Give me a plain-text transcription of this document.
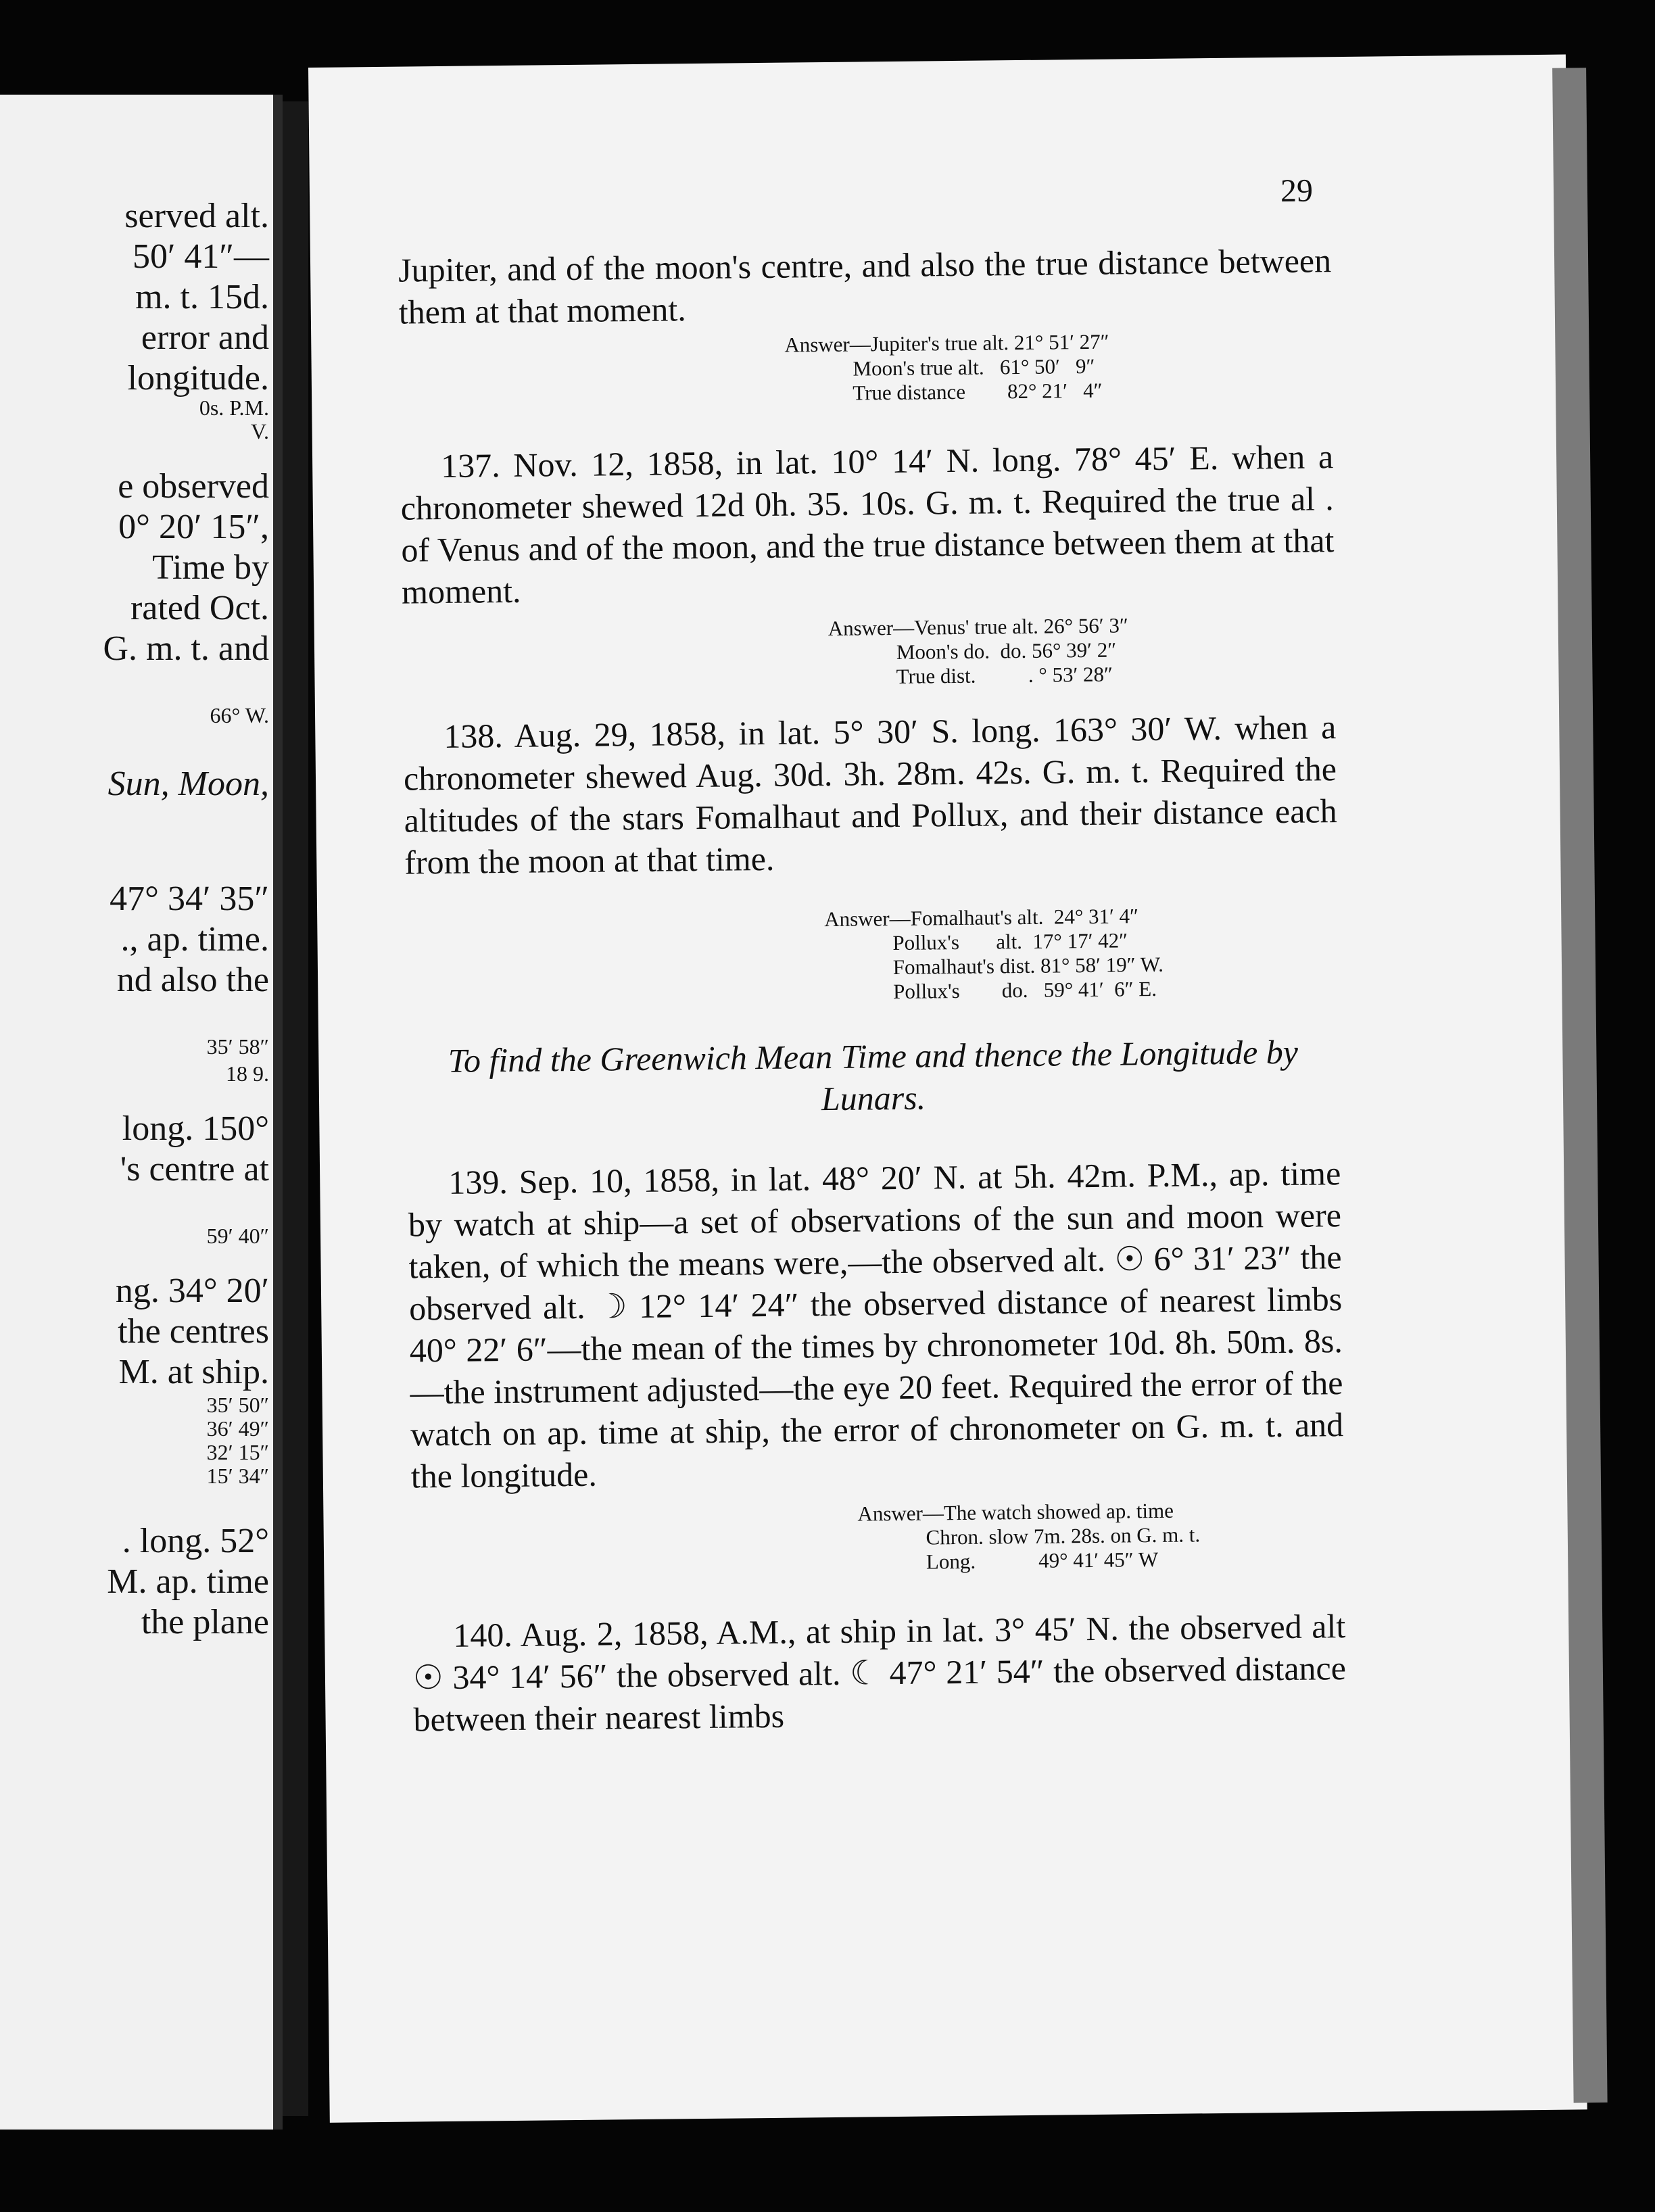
served alt.
50′ 41″—
m. t. 15d.
error and
longitude.
0s. P.M.
V.
e observed
0° 20′ 15″,
Time by
rated Oct.
G. m. t. and
66° W.
Sun, Moon,
47° 34′ 35″
., ap. time.
nd also the
35′ 58″
18 9.
long. 150°
's centre at
59′ 40″
ng. 34° 20′
the centres
M. at ship.
35′ 50″
36′ 49″
32′ 15″
15′ 34″
. long. 52°
M. ap. time
the plane
29
Jupiter, and of the moon's centre, and also the true distance between them at that moment.
Answer—Jupiter's true alt. 21° 51′ 27″
Moon's true alt.   61° 50′   9″
True distance        82° 21′   4″
137. Nov. 12, 1858, in lat. 10° 14′ N. long. 78° 45′ E. when a chronometer shewed 12d 0h. 35. 10s. G. m. t. Required the true al . of Venus and of the moon, and the true distance between them at that moment.
Answer—Venus' true alt. 26° 56′ 3″
Moon's do.  do. 56° 39′ 2″
True dist.          . ° 53′ 28″
138. Aug. 29, 1858, in lat. 5° 30′ S. long. 163° 30′ W. when a chronometer shewed Aug. 30d. 3h. 28m. 42s. G. m. t. Required the altitudes of the stars Fomalhaut and Pollux, and their distance each from the moon at that time.
Answer—Fomalhaut's alt.  24° 31′ 4″
Pollux's       alt.  17° 17′ 42″
Fomalhaut's dist. 81° 58′ 19″ W.
Pollux's        do.   59° 41′  6″ E.
To find the Greenwich Mean Time and thence the Longitude by Lunars.
139. Sep. 10, 1858, in lat. 48° 20′ N. at 5h. 42m. P.M., ap. time by watch at ship—a set of observations of the sun and moon were taken, of which the means were,—the observed alt. ☉ 6° 31′ 23″ the observed alt. ☽ 12° 14′ 24″ the observed distance of nearest limbs 40° 22′ 6″—the mean of the times by chronometer 10d. 8h. 50m. 8s.—the instrument adjusted—the eye 20 feet. Required the error of the watch on ap. time at ship, the error of chronometer on G. m. t. and the longitude.
Answer—The watch showed ap. time
Chron. slow 7m. 28s. on G. m. t.
Long.            49° 41′ 45″ W
140. Aug. 2, 1858, A.M., at ship in lat. 3° 45′ N. the observed alt ☉ 34° 14′ 56″ the observed alt. ☾ 47° 21′ 54″ the observed distance between their nearest limbs
